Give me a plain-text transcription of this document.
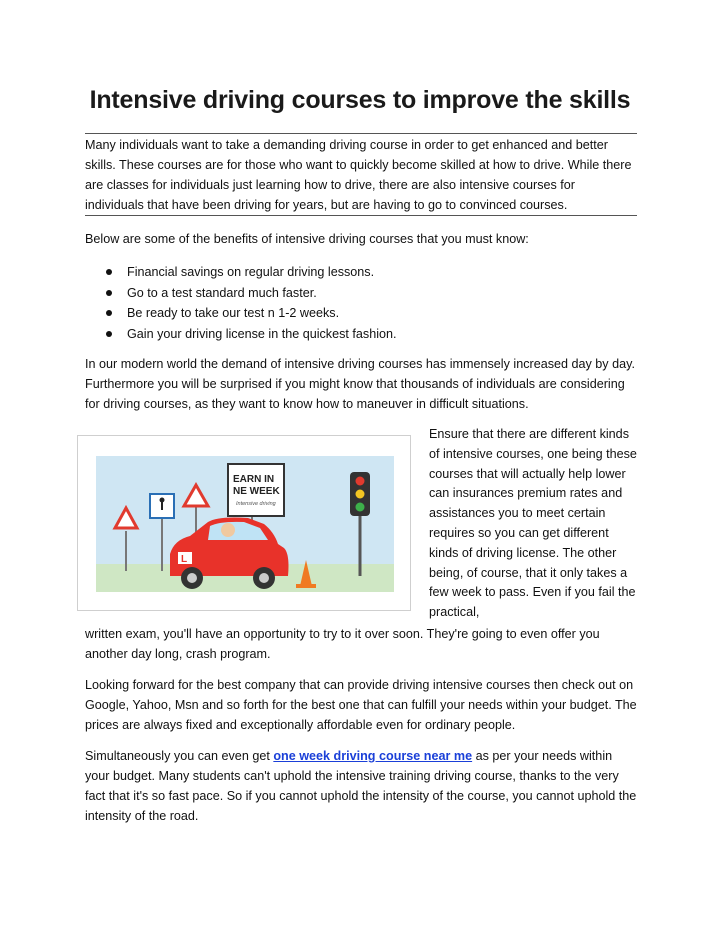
Intensive driving courses to improve the skills
Many individuals want to take a demanding driving course in order to get enhanced and better skills. These courses are for those who want to quickly become skilled at how to drive. While there are classes for individuals just learning how to drive, there are also intensive courses for individuals that have been driving for years, but are having to go to convinced courses.
Below are some of the benefits of intensive driving courses that you must know:
Financial savings on regular driving lessons.
Go to a test standard much faster.
Be ready to take our test n 1-2 weeks.
Gain your driving license in the quickest fashion.
In our modern world the demand of intensive driving courses has immensely increased day by day. Furthermore you will be surprised if you might know that thousands of individuals are considering for driving courses, as they want to know how to maneuver in difficult situations.
EARN IN
NE WEEK
Intensive driving
L
Ensure that there are different kinds of intensive courses, one being these courses that will actually help lower can insurances premium rates and assistances you to meet certain requires so you can get different kinds of driving license. The other being, of course, that it only takes a few week to pass. Even if you fail the practical,
written exam, you'll have an opportunity to try to it over soon. They're going to even offer you another day long, crash program.
Looking forward for the best company that can provide driving intensive courses then check out on Google, Yahoo, Msn and so forth for the best one that can fulfill your needs within your budget. The prices are always fixed and exceptionally affordable even for ordinary people.
Simultaneously you can even get one week driving course near me as per your needs within your budget. Many students can't uphold the intensive training driving course, thanks to the very fact that it's so fast pace. So if you cannot uphold the intensity of the course, you cannot uphold the intensity of the road.
